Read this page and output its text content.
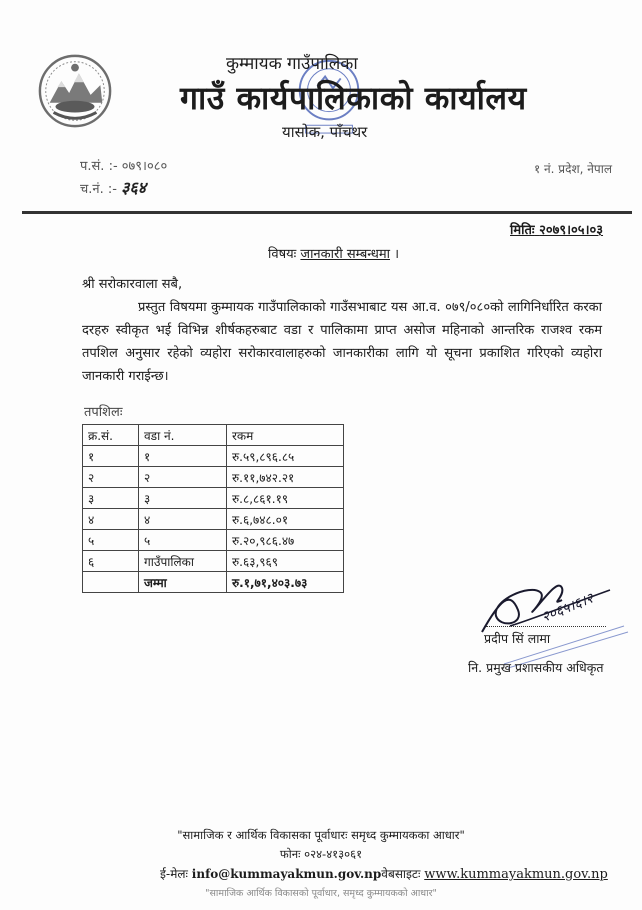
कुम्मायक गाउँपालिका
गाउँ कार्यपालिकाको कार्यालय
यासोक, पाँचथर
प.सं. :- ०७९।०८०
च.नं. :- ३६४
१ नं. प्रदेश, नेपाल
मितिः २०७९।०५।०३
विषयः जानकारी सम्बन्धमा ।
श्री सरोकारवाला सबै,
प्रस्तुत विषयमा कुम्मायक गाउँपालिकाको गाउँसभाबाट यस आ.व. ०७९/०८०को लागिनिर्धारित करका दरहरु स्वीकृत भई विभिन्न शीर्षकहरुबाट वडा र पालिकामा प्राप्त असोज महिनाको आन्तरिक राजश्व रकम तपशिल अनुसार रहेको व्यहोरा सरोकारवालाहरुको जानकारीका लागि यो सूचना प्रकाशित गरिएको व्यहोरा जानकारी गराईन्छ।
तपशिलः
क्र.सं.	वडा नं.	रकम
१	१	रु.५९,८९६.८५
२	२	रु.११,७४२.२१
३	३	रु.८,८६१.१९
४	४	रु.६,७४८.०१
५	५	रु.२०,९८६.४७
६	गाउँपालिका	रु.६३,९६९
	जम्मा	रु.१,७१,४०३.७३
२०६५।६।२
प्रदीप सिं लामा
नि. प्रमुख प्रशासकीय अधिकृत
"सामाजिक र आर्थिक विकासका पूर्वाधारः समृध्द कुम्मायकका आधार"
फोनः ०२४-४१३०६१
ई-मेलः info@kummayakmun.gov.npवेबसाइटः www.kummayakmun.gov.np
"सामाजिक आर्थिक विकासको पूर्वाधार, समृध्द कुम्मायकको आधार"
